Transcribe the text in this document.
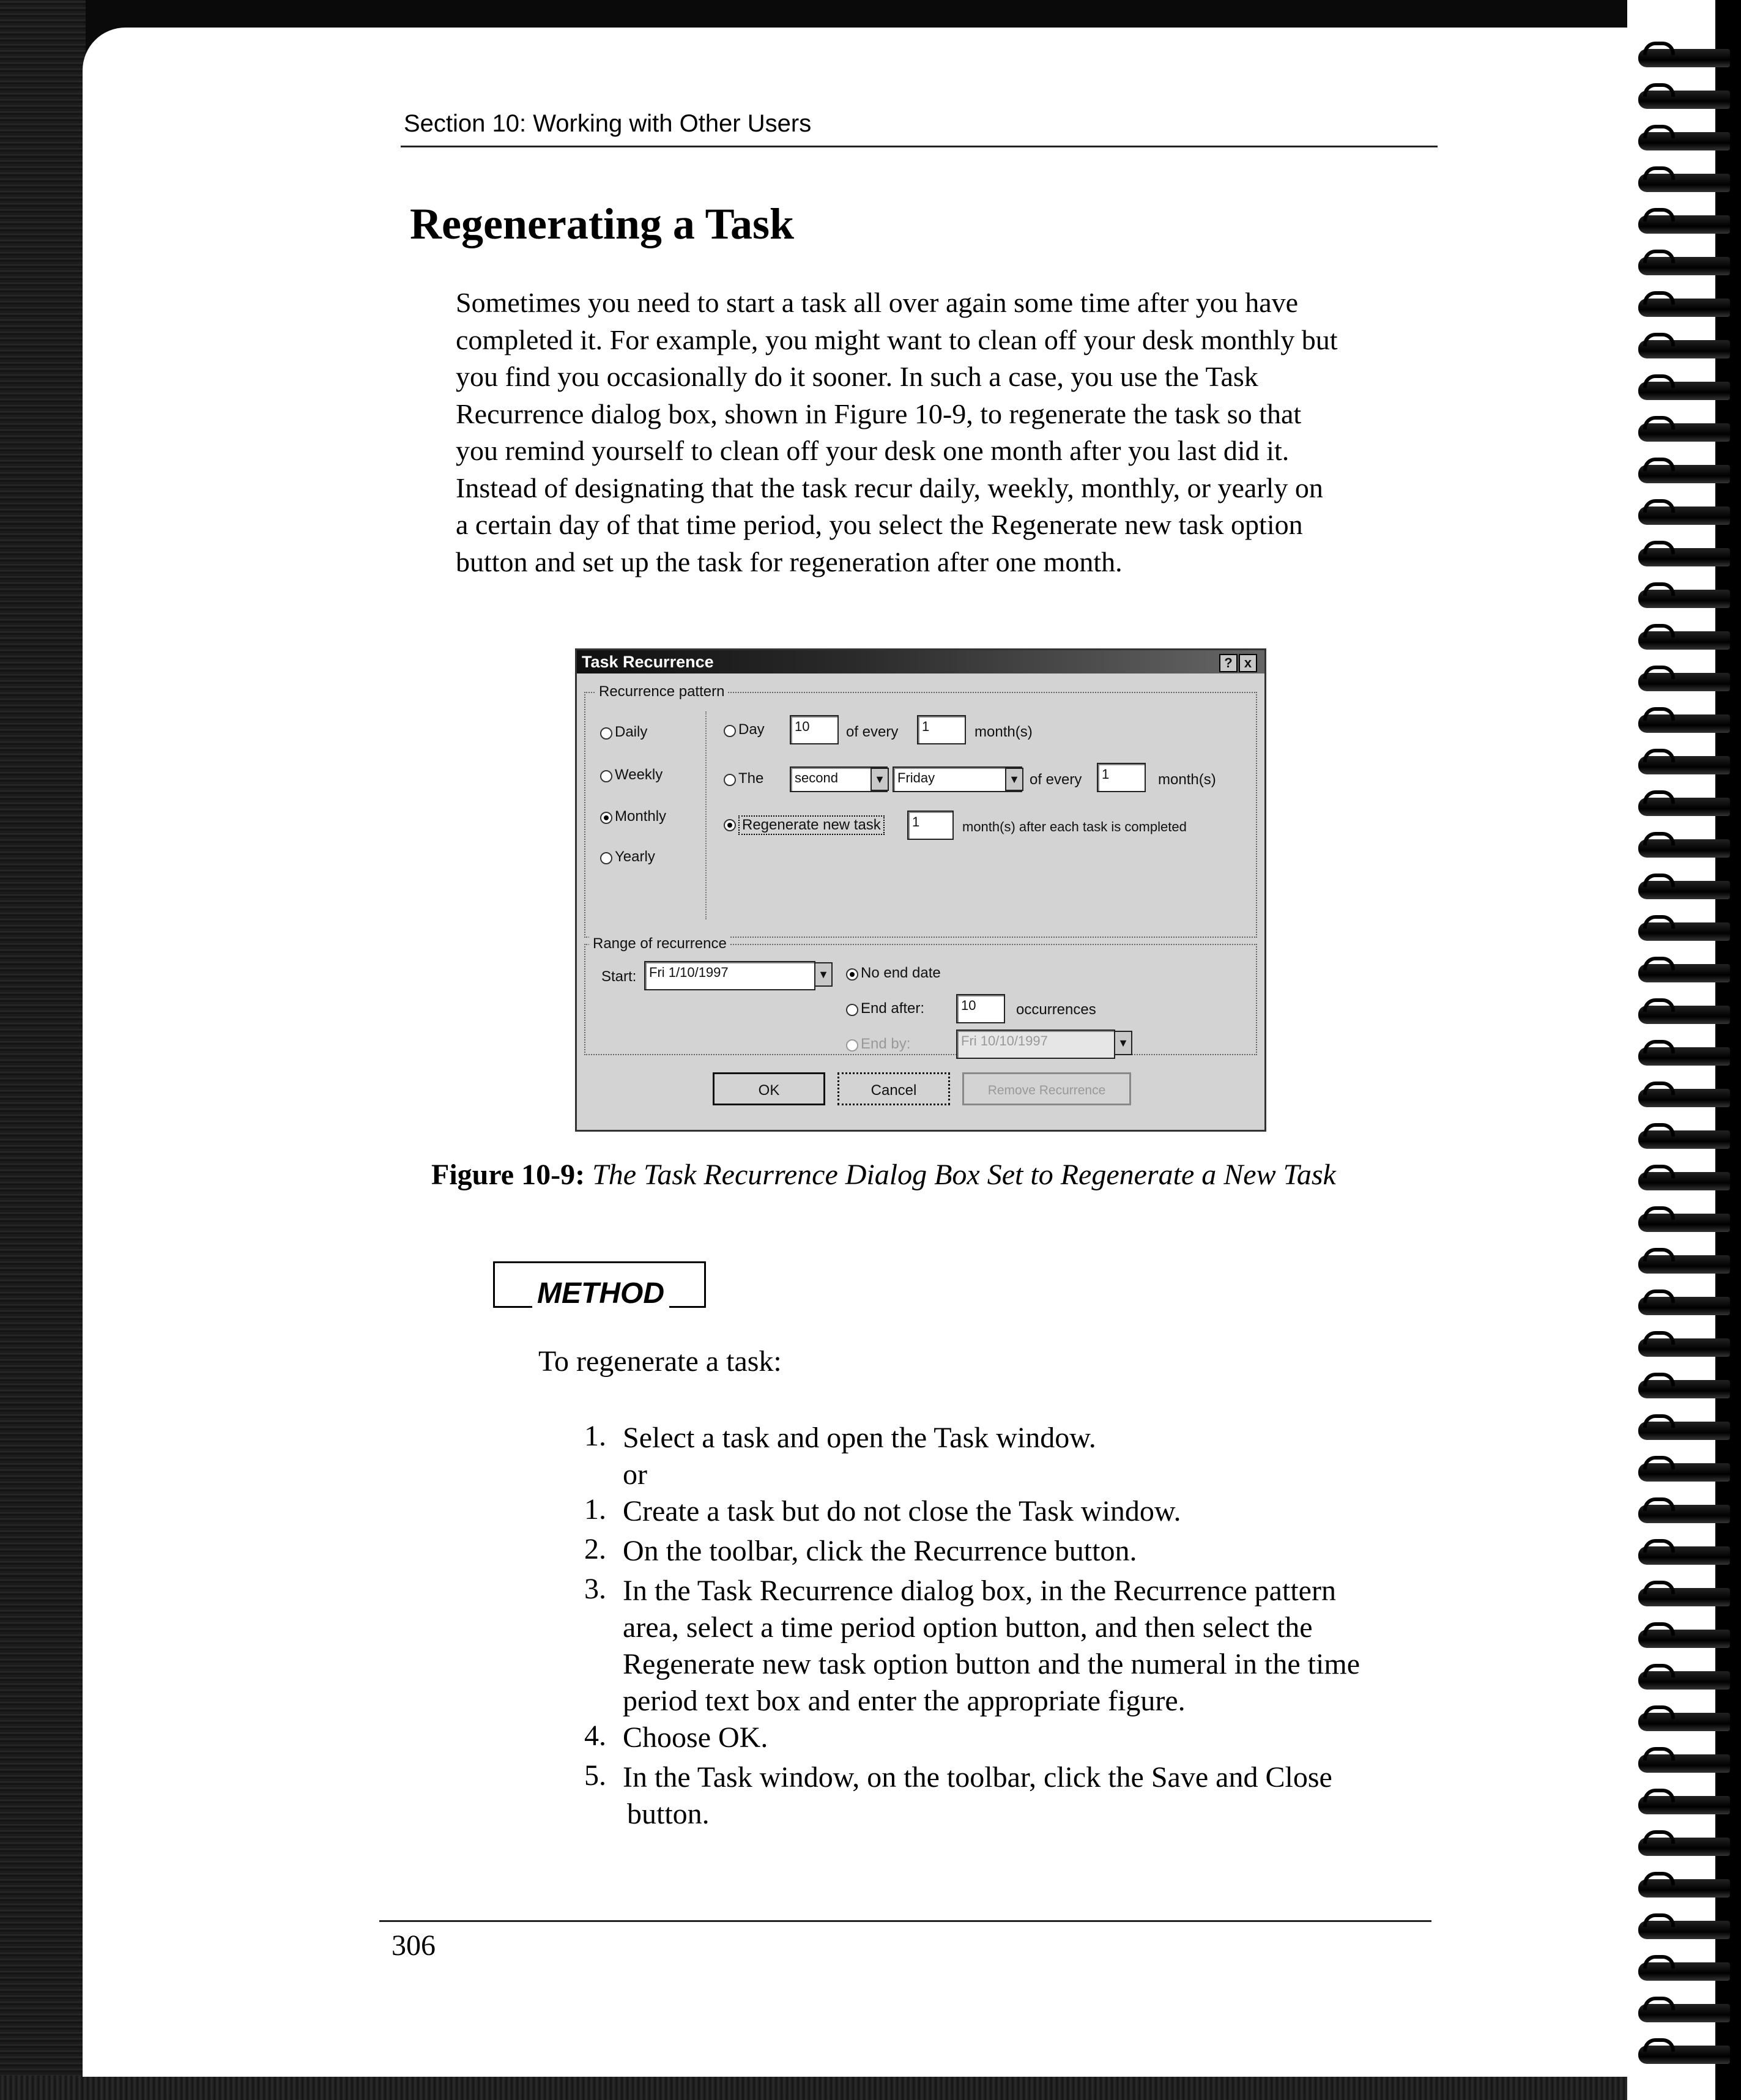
Section 10: Working with Other Users
Regenerating a Task
Sometimes you need to start a task all over again some time after you have
completed it. For example, you might want to clean off your desk monthly but
you find you occasionally do it sooner. In such a case, you use the Task
Recurrence dialog box, shown in Figure 10-9, to regenerate the task so that
you remind yourself to clean off your desk one month after you last did it.
Instead of designating that the task recur daily, weekly, monthly, or yearly on
a certain day of that time period, you select the Regenerate new task option
button and set up the task for regeneration after one month.
Task Recurrence	? x
Recurrence pattern
Daily
Weekly
Monthly
Yearly
Day	10	of every	1	month(s)
The	second	▼ Friday	▼ of every	1	month(s)
Regenerate new task	1	month(s) after each task is completed
Range of recurrence
Start: Fri 1/10/1997	▼ No end date
End after:	10	occurrences
End by:	Fri 10/10/1997	▼
OK	Cancel	Remove Recurrence
Figure 10-9: The Task Recurrence Dialog Box Set to Regenerate a New Task
METHOD
To regenerate a task:
1. Select a task and open the Task window.
or
1. Create a task but do not close the Task window.
2. On the toolbar, click the Recurrence button.
3. In the Task Recurrence dialog box, in the Recurrence pattern
area, select a time period option button, and then select the
Regenerate new task option button and the numeral in the time
period text box and enter the appropriate figure.
4. Choose OK.
5. In the Task window, on the toolbar, click the Save and Close
button.
306
